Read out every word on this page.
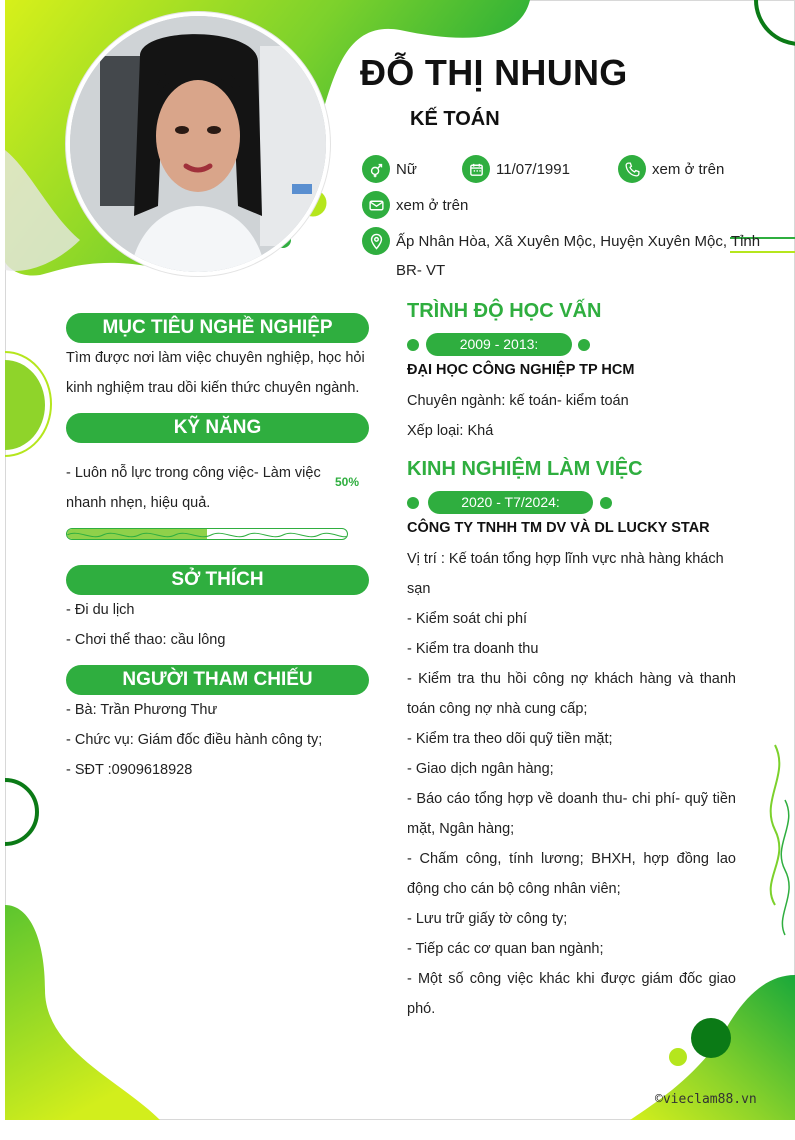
ĐỖ THỊ NHUNG
KẾ TOÁN
Nữ	11/07/1991	xem ở trên
xem ở trên
Ấp Nhân Hòa, Xã Xuyên Mộc, Huyện Xuyên Mộc, Tỉnh
BR- VT
MỤC TIÊU NGHỀ NGHIỆP
Tìm được nơi làm việc chuyên nghiệp, học hỏi
kinh nghiệm trau dồi kiến thức chuyên ngành.
KỸ NĂNG
- Luôn nỗ lực trong công việc- Làm việc
nhanh nhẹn, hiệu quả.
50%
SỞ THÍCH
- Đi du lịch
- Chơi thể thao: cầu lông
NGƯỜI THAM CHIẾU
- Bà: Trần Phương Thư
- Chức vụ: Giám đốc điều hành công ty;
- SĐT :0909618928
TRÌNH ĐỘ HỌC VẤN
2009 - 2013:
ĐẠI HỌC CÔNG NGHIỆP TP HCM
Chuyên ngành: kế toán- kiểm toán
Xếp loại: Khá
KINH NGHIỆM LÀM VIỆC
2020 - T7/2024:
CÔNG TY TNHH TM DV VÀ DL LUCKY STAR
Vị trí : Kế toán tổng hợp lĩnh vực nhà hàng khách
sạn
- Kiểm soát chi phí
- Kiểm tra doanh thu
- Kiểm tra thu hồi công nợ khách hàng và thanh
toán công nợ nhà cung cấp;
- Kiểm tra theo dõi quỹ tiền mặt;
- Giao dịch ngân hàng;
- Báo cáo tổng hợp về doanh thu- chi phí- quỹ tiền
mặt, Ngân hàng;
- Chấm công, tính lương; BHXH, hợp đồng lao
động cho cán bộ công nhân viên;
- Lưu trữ giấy tờ công ty;
- Tiếp các cơ quan ban ngành;
- Một số công việc khác khi được giám đốc giao
phó.
©vieclam88.vn
